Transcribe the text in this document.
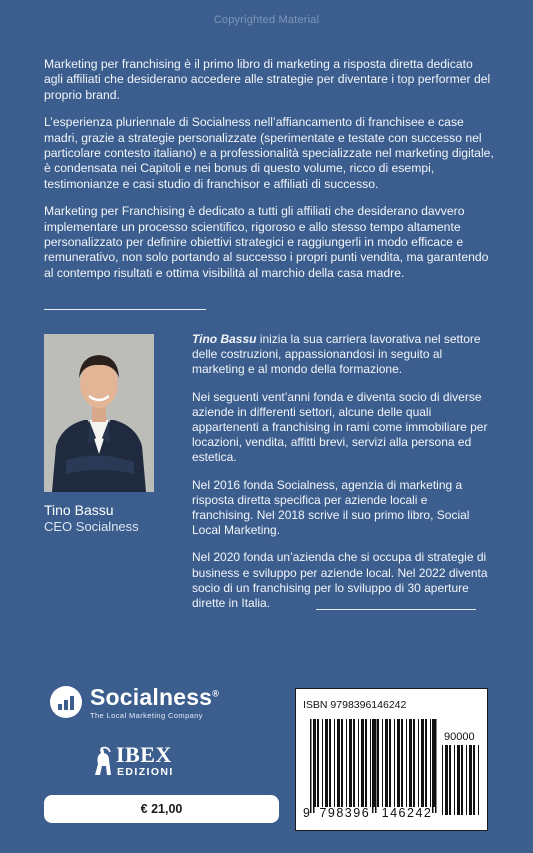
Copyrighted Material

Marketing per franchising è il primo libro di marketing a risposta diretta dedicato agli affiliati che desiderano accedere alle strategie per diventare i top performer del proprio brand.

L’esperienza pluriennale di Socialness nell’affiancamento di franchisee e case madri, grazie a strategie personalizzate (sperimentate e testate con successo nel particolare contesto italiano) e a professionalità specializzate nel marketing digitale, è condensata nei Capitoli e nei bonus di questo volume, ricco di esempi, testimonianze e casi studio di franchisor e affiliati di successo.

Marketing per Franchising è dedicato a tutti gli affiliati che desiderano davvero implementare un processo scientifico, rigoroso e allo stesso tempo altamente personalizzato per definire obiettivi strategici e raggiungerli in modo efficace e remunerativo, non solo portando al successo i propri punti vendita, ma garantendo al contempo risultati e ottima visibilità al marchio della casa madre.

Tino Bassu
CEO Socialness

Tino Bassu inizia la sua carriera lavorativa nel settore delle costruzioni, appassionandosi in seguito al marketing e al mondo della formazione.

Nei seguenti vent’anni fonda e diventa socio di diverse aziende in differenti settori, alcune delle quali appartenenti a franchising in rami come immobiliare per locazioni, vendita, affitti brevi, servizi alla persona ed estetica.

Nel 2016 fonda Socialness, agenzia di marketing a risposta diretta specifica per aziende locali e franchising. Nel 2018 scrive il suo primo libro, Social Local Marketing.

Nel 2020 fonda un’azienda che si occupa di strategie di business e sviluppo per aziende local. Nel 2022 diventa socio di un franchising per lo sviluppo di 30 aperture dirette in Italia.

Socialness®
The Local Marketing Company
IBEX
EDIZIONI
€ 21,00
ISBN 9798396146242
90000
9 798396 146242
